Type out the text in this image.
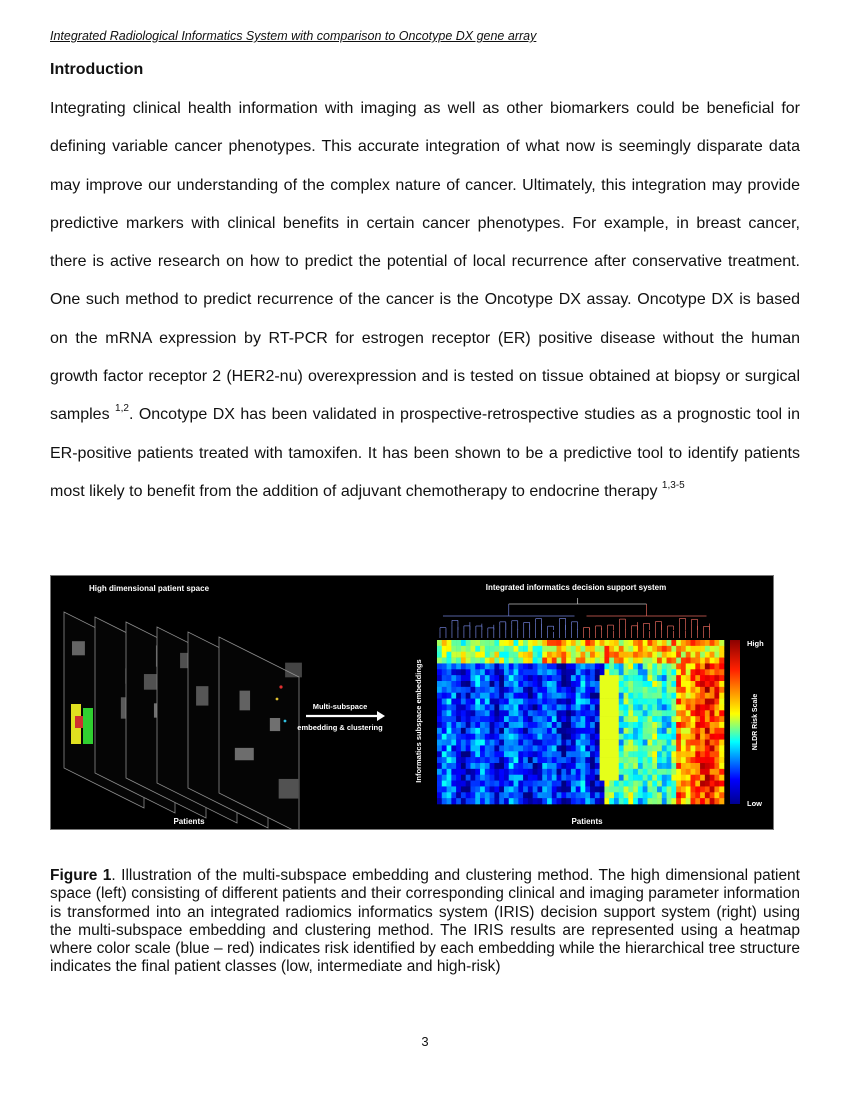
Integrated Radiological Informatics System with comparison to Oncotype DX gene array
Introduction
Integrating clinical health information with imaging as well as other biomarkers could be beneficial for defining variable cancer phenotypes. This accurate integration of what now is seemingly disparate data may improve our understanding of the complex nature of cancer. Ultimately, this integration may provide predictive markers with clinical benefits in certain cancer phenotypes. For example, in breast cancer, there is active research on how to predict the potential of local recurrence after conservative treatment. One such method to predict recurrence of the cancer is the Oncotype DX assay. Oncotype DX is based on the mRNA expression by RT-PCR for estrogen receptor (ER) positive disease without the human growth factor receptor 2 (HER2-nu) overexpression and is tested on tissue obtained at biopsy or surgical samples $^{1,2}$. Oncotype DX has been validated in prospective-retrospective studies as a prognostic tool in ER-positive patients treated with tamoxifen. It has been shown to be a predictive tool to identify patients most likely to benefit from the addition of adjuvant chemotherapy to endocrine therapy $^{1,3-5}$
High dimensional patient space
Patients
Multi-subspace
embedding & clustering
Integrated informatics decision support system
Informatics subspace embeddings
Patients
High
Low
NLDR Risk Scale
Figure 1. Illustration of the multi-subspace embedding and clustering method. The high dimensional patient space (left) consisting of different patients and their corresponding clinical and imaging parameter information is transformed into an integrated radiomics informatics system (IRIS) decision support system (right) using the multi-subspace embedding and clustering method. The IRIS results are represented using a heatmap where color scale (blue – red) indicates risk identified by each embedding while the hierarchical tree structure indicates the final patient classes (low, intermediate and high-risk)
3
